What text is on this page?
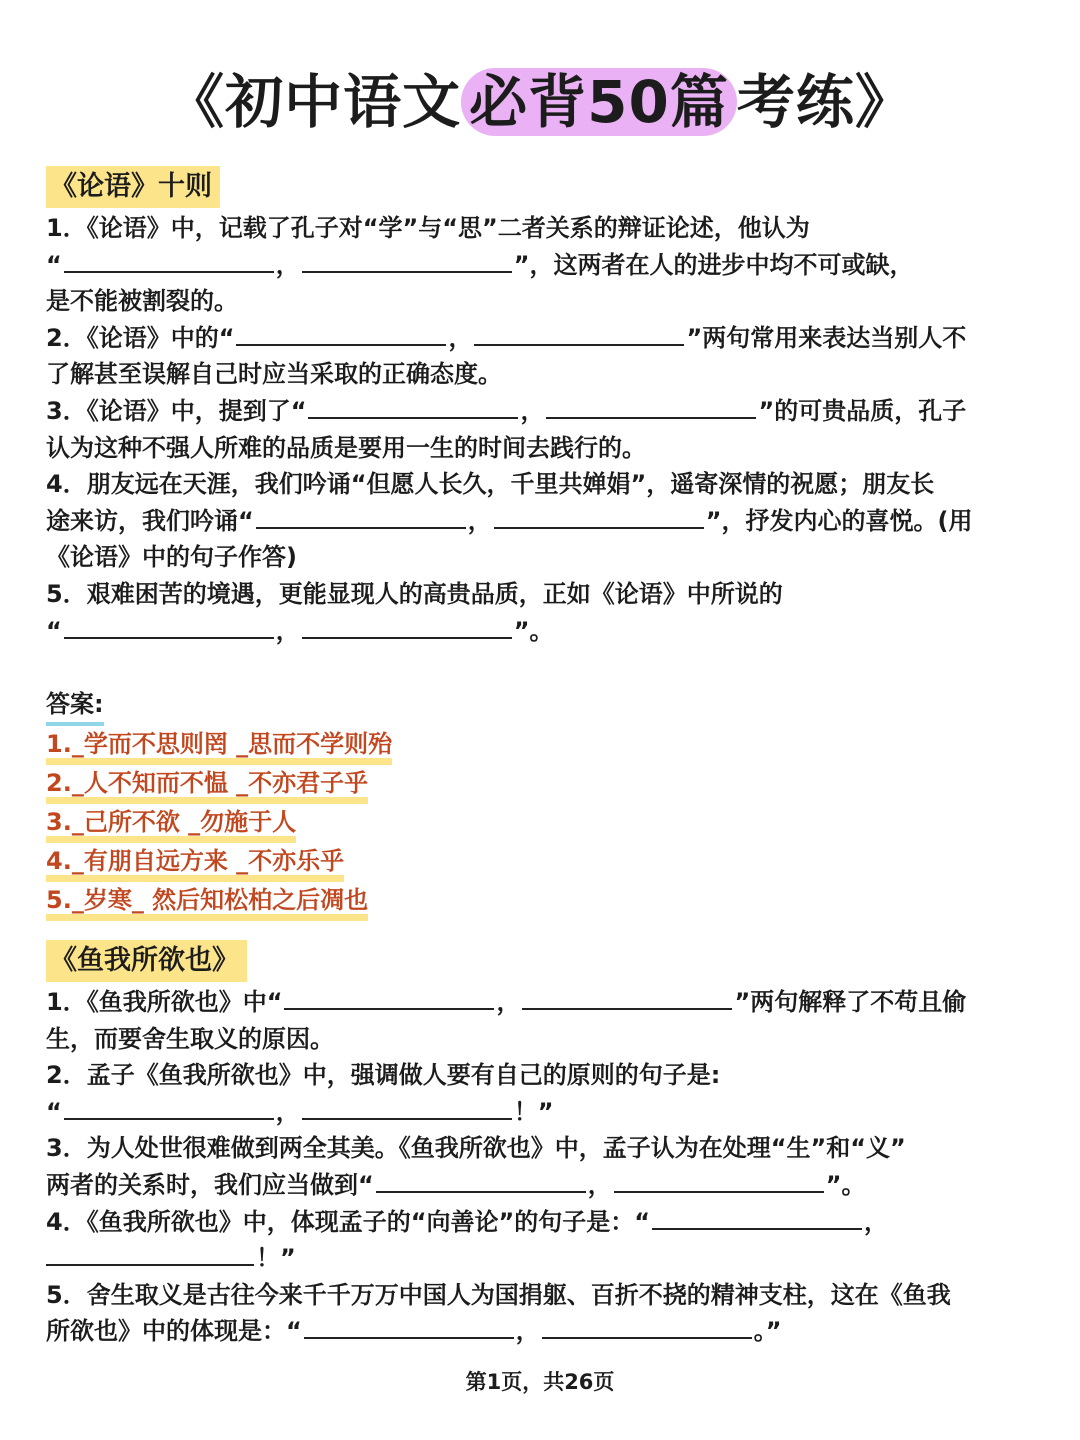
《初中语文 必背50篇 考练》
《论语》十则
1．《论语》中，记载了孔子对“学”与“思”二者关系的辩证论述，他认为
“	，	”，这两者在人的进步中均不可或缺，
是不能被割裂的。
2．《论语》中的“	，	”两句常用来表达当别人不
了解甚至误解自己时应当采取的正确态度。
3．《论语》中，提到了“	，	”的可贵品质，孔子
认为这种不强人所难的品质是要用一生的时间去践行的。
4．朋友远在天涯，我们吟诵“但愿人长久，千里共婵娟”，遥寄深情的祝愿；朋友长
途来访，我们吟诵“	，	”，抒发内心的喜悦。(用
《论语》中的句子作答)
5．艰难困苦的境遇，更能显现人的高贵品质，正如《论语》中所说的
“	，	”。
答案:
1._学而不思则罔 _思而不学则殆
2._人不知而不愠 _不亦君子乎
3._己所不欲 _勿施于人
4._有朋自远方来 _不亦乐乎
5._岁寒_ 然后知松柏之后凋也
《鱼我所欲也》
1．《鱼我所欲也》中“	，	”两句解释了不苟且偷
生，而要舍生取义的原因。
2．孟子《鱼我所欲也》中，强调做人要有自己的原则的句子是:
“	，	！”
3．为人处世很难做到两全其美。《鱼我所欲也》中，孟子认为在处理“生”和“义”
两者的关系时，我们应当做到“	，	”。
4．《鱼我所欲也》中，体现孟子的“向善论”的句子是：“	，
！”
5．舍生取义是古往今来千千万万中国人为国捐躯、百折不挠的精神支柱，这在《鱼我
所欲也》中的体现是：“	，	。”
第1页，共26页
